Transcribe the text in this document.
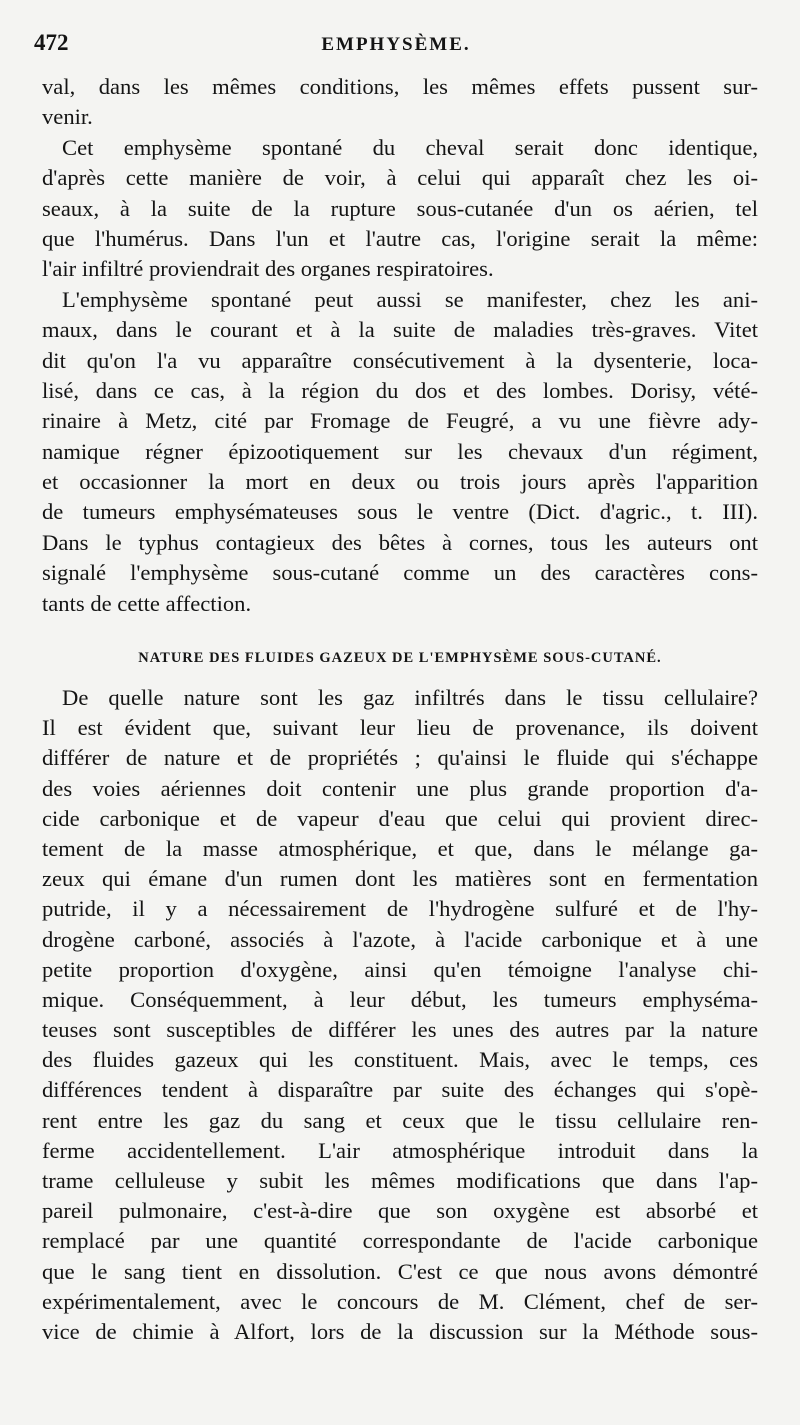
472	EMPHYSÈME.
val, dans les mêmes conditions, les mêmes effets pussent sur-
venir.
Cet emphysème spontané du cheval serait donc identique,
d'après cette manière de voir, à celui qui apparaît chez les oi-
seaux, à la suite de la rupture sous-cutanée d'un os aérien, tel
que l'humérus. Dans l'un et l'autre cas, l'origine serait la même:
l'air infiltré proviendrait des organes respiratoires.
L'emphysème spontané peut aussi se manifester, chez les ani-
maux, dans le courant et à la suite de maladies très-graves. Vitet
dit qu'on l'a vu apparaître consécutivement à la dysenterie, loca-
lisé, dans ce cas, à la région du dos et des lombes. Dorisy, vété-
rinaire à Metz, cité par Fromage de Feugré, a vu une fièvre ady-
namique régner épizootiquement sur les chevaux d'un régiment,
et occasionner la mort en deux ou trois jours après l'apparition
de tumeurs emphysémateuses sous le ventre (Dict. d'agric., t. III).
Dans le typhus contagieux des bêtes à cornes, tous les auteurs ont
signalé l'emphysème sous-cutané comme un des caractères cons-
tants de cette affection.
NATURE DES FLUIDES GAZEUX DE L'EMPHYSÈME SOUS-CUTANÉ.
De quelle nature sont les gaz infiltrés dans le tissu cellulaire?
Il est évident que, suivant leur lieu de provenance, ils doivent
différer de nature et de propriétés ; qu'ainsi le fluide qui s'échappe
des voies aériennes doit contenir une plus grande proportion d'a-
cide carbonique et de vapeur d'eau que celui qui provient direc-
tement de la masse atmosphérique, et que, dans le mélange ga-
zeux qui émane d'un rumen dont les matières sont en fermentation
putride, il y a nécessairement de l'hydrogène sulfuré et de l'hy-
drogène carboné, associés à l'azote, à l'acide carbonique et à une
petite proportion d'oxygène, ainsi qu'en témoigne l'analyse chi-
mique. Conséquemment, à leur début, les tumeurs emphyséma-
teuses sont susceptibles de différer les unes des autres par la nature
des fluides gazeux qui les constituent. Mais, avec le temps, ces
différences tendent à disparaître par suite des échanges qui s'opè-
rent entre les gaz du sang et ceux que le tissu cellulaire ren-
ferme accidentellement. L'air atmosphérique introduit dans la
trame celluleuse y subit les mêmes modifications que dans l'ap-
pareil pulmonaire, c'est-à-dire que son oxygène est absorbé et
remplacé par une quantité correspondante de l'acide carbonique
que le sang tient en dissolution. C'est ce que nous avons démontré
expérimentalement, avec le concours de M. Clément, chef de ser-
vice de chimie à Alfort, lors de la discussion sur la Méthode sous-
